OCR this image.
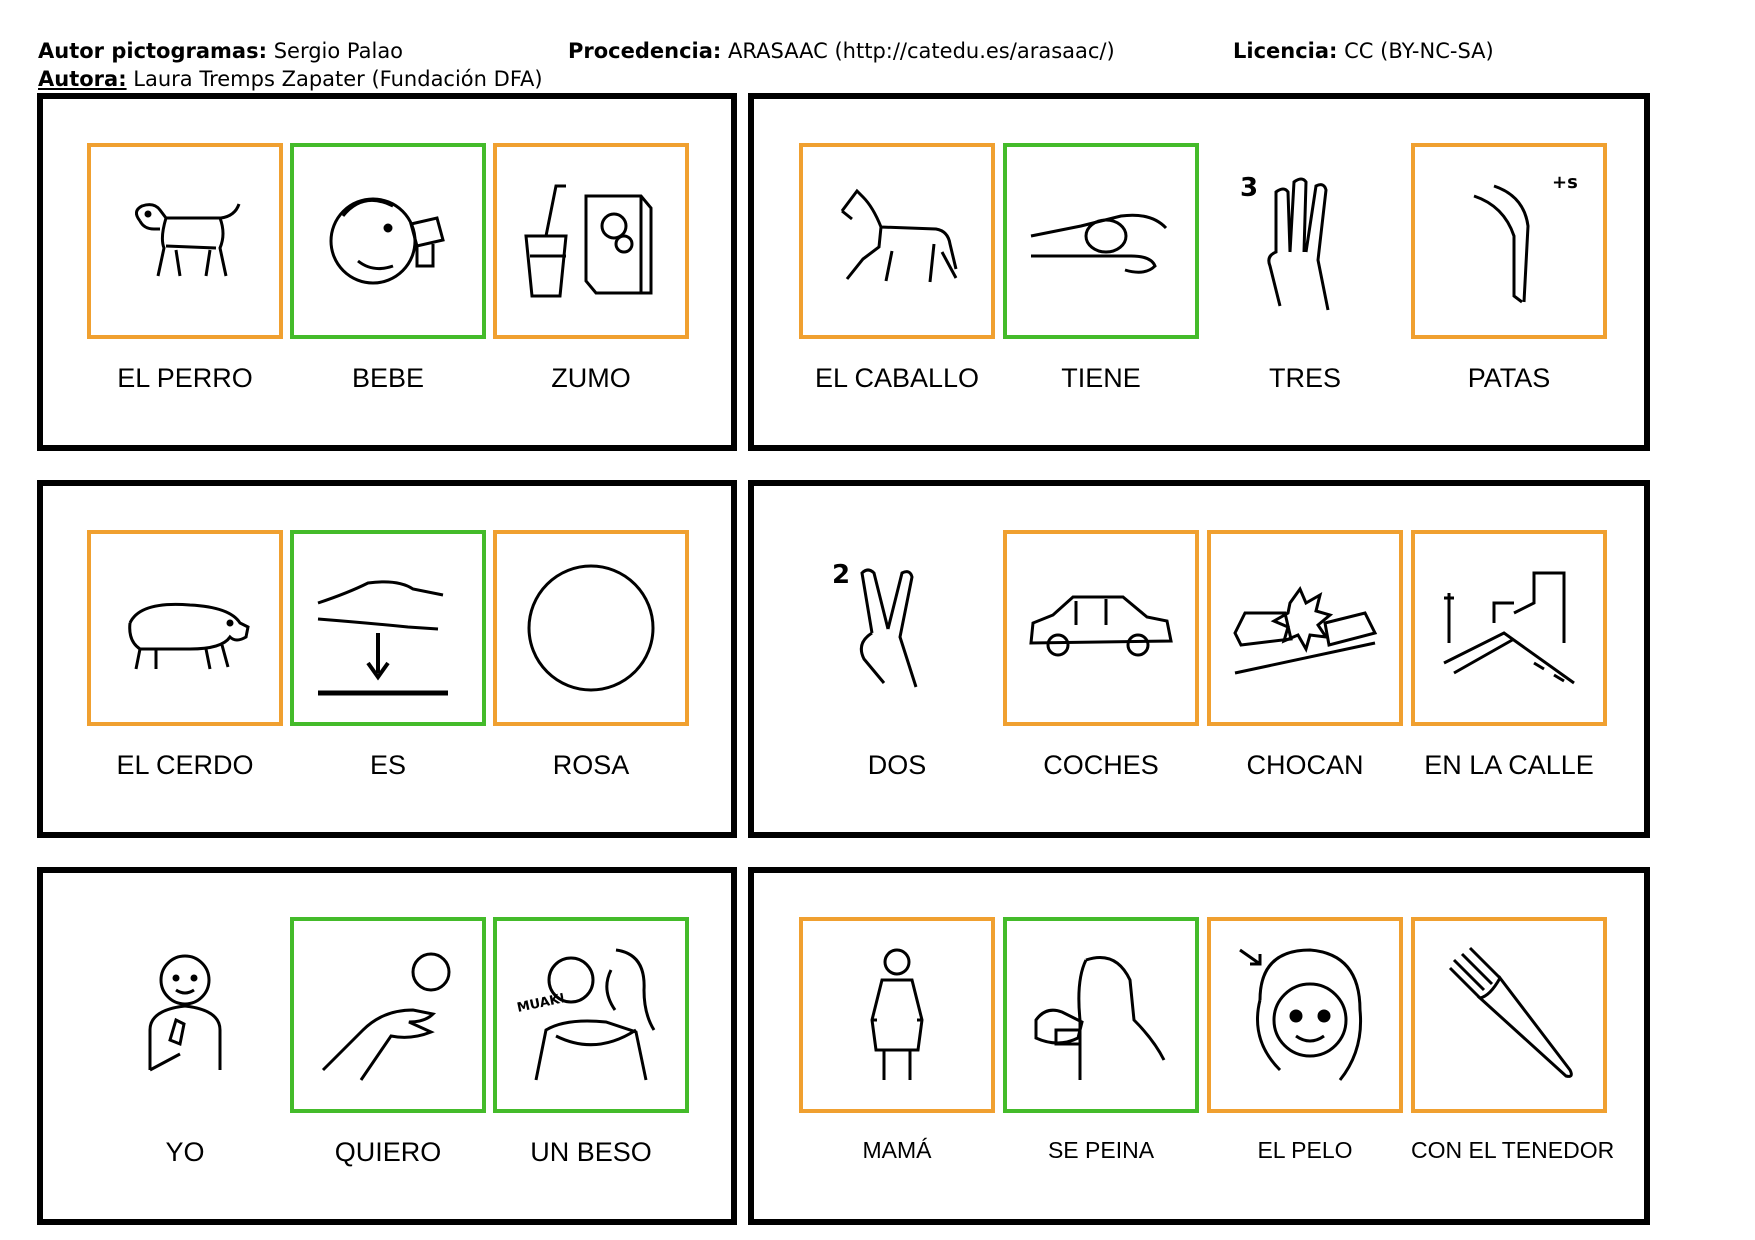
Autor pictogramas: Sergio Palao
Autora: Laura Tremps Zapater (Fundación DFA)
Procedencia: ARASAAC (http://catedu.es/arasaac/)	Licencia: CC (BY-NC-SA)
EL PERRO	BEBE	ZUMO	EL CABALLO	TIENE
3
TRES
+s
PATAS
EL CERDO	ES	ROSA
2
DOS	COCHES	CHOCAN	EN LA CALLE
YO	QUIERO
MUAK!
UN BESO	MAMÁ	SE PEINA	EL PELO	CON EL TENEDOR
